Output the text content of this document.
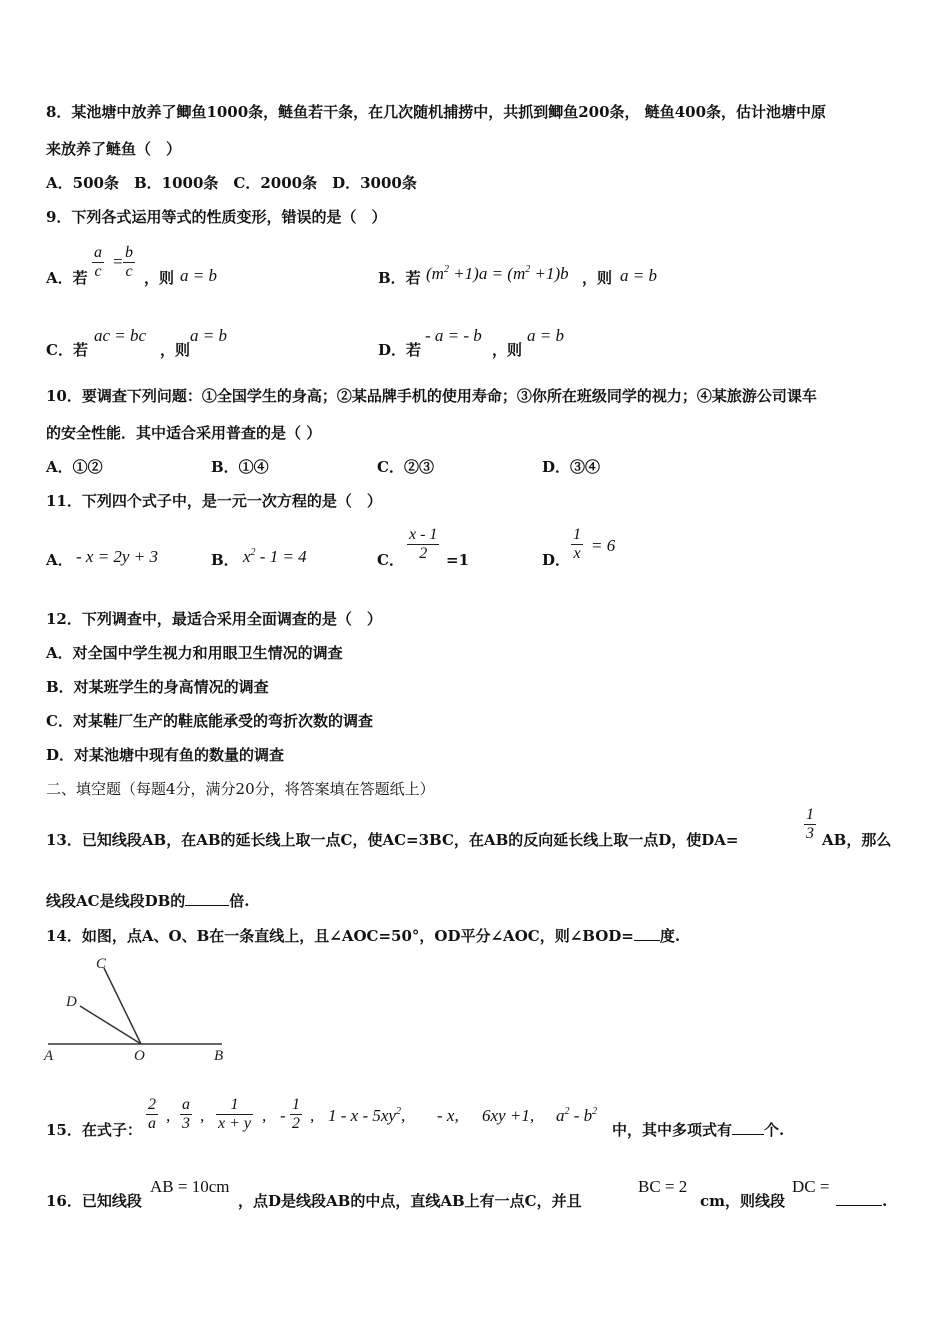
8．某池塘中放养了鲫鱼1000条，鲢鱼若干条，在几次随机捕捞中，共抓到鲫鱼200条， 鲢鱼400条，估计池塘中原
来放养了鲢鱼（　）
A．500条　B．1000条　C．2000条　D．3000条
9．下列各式运用等式的性质变形，错误的是（　）
A．若 $\frac{a}{c} = \frac{b}{c}$ ，则 a = b	B．若 $(m^2 +1)a = (m^2 +1)b$ ，则 a = b
C．若
ac = bc
，则
a = b
D．若
- a = - b
，则
a = b
10．要调查下列问题：①全国学生的身高；②某品牌手机的使用寿命；③你所在班级同学的视力；④某旅游公司课车
的安全性能．其中适合采用普查的是（ ）
A．①②	B．①④	C．②③	D．③④
11．下列四个式子中，是一元一次方程的是（　）
A． - x = 2y + 3	B． $x^2 - 1 = 4$	C． $\frac{x - 1}{2} =1$	D． $\frac{1}{x} = 6$
12．下列调查中，最适合采用全面调查的是（　）
A．对全国中学生视力和用眼卫生情况的调查
B．对某班学生的身高情况的调查
C．对某鞋厂生产的鞋底能承受的弯折次数的调查
D．对某池塘中现有鱼的数量的调查
二、填空题（每题4分，满分20分，将答案填在答题纸上）
13．已知线段AB，在AB的延长线上取一点C，使AC=3BC，在AB的反向延长线上取一点D，使DA=	$\frac{1}{3}$ AB，那么
线段AC是线段DB的	倍.
14．如图，点A、O、B在一条直线上，且∠AOC=50°，OD平分∠AOC，则∠BOD= 度.
C
D
A	O	B
15．在式子： $\frac{2}{a}$ , $\frac{a}{3}$ , $\frac{1}{x + y}$ , - $\frac{1}{2}$ , 1 - x - $5xy^2$, - x, 6xy +1, $a^2 - b^2$
中，其中多项式有 个.
16．已知线段
AB = 10cm
，点D是线段AB的中点，直线AB上有一点C，并且
BC = 2
cm，则线段
DC =
.
